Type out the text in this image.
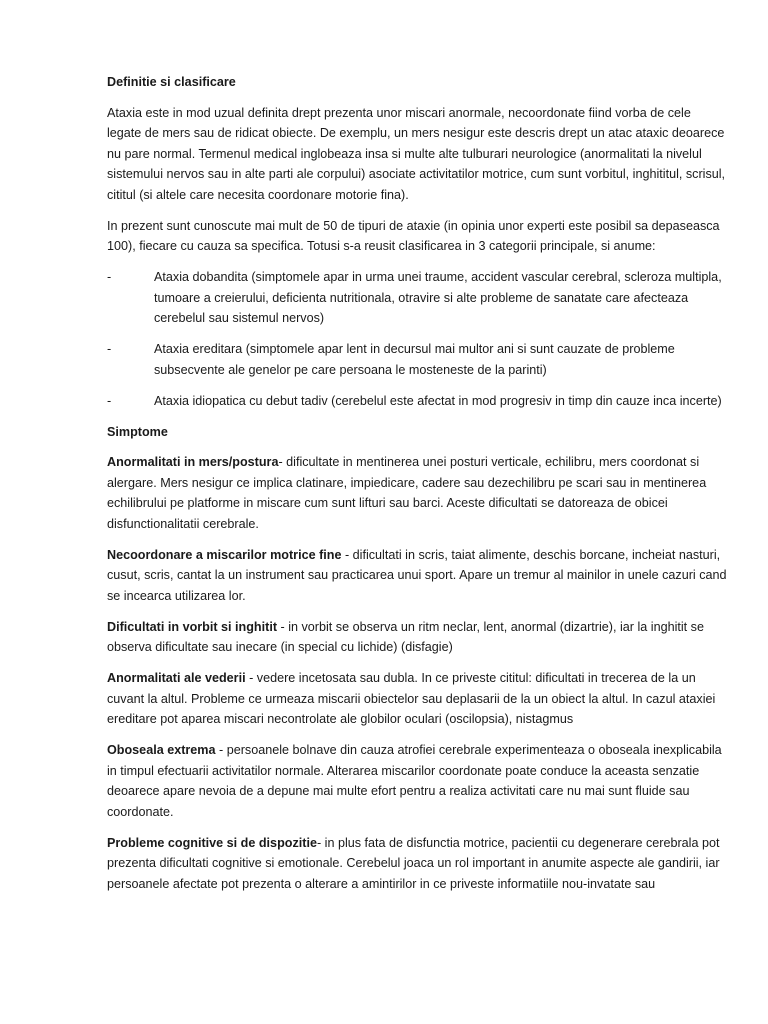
Definitie si clasificare

Ataxia este in mod uzual definita drept prezenta unor miscari anormale, necoordonate fiind vorba de cele legate de mers sau de ridicat obiecte. De exemplu, un mers nesigur este descris drept un atac ataxic deoarece nu pare normal. Termenul medical inglobeaza insa si multe alte tulburari neurologice (anormalitati la nivelul sistemului nervos sau in alte parti ale corpului) asociate activitatilor motrice, cum sunt vorbitul, inghititul, scrisul, cititul (si altele care necesita coordonare motorie fina).

In prezent sunt cunoscute mai mult de 50 de tipuri de ataxie (in opinia unor experti este posibil sa depaseasca 100), fiecare cu cauza sa specifica. Totusi s-a reusit clasificarea in 3 categorii principale, si anume:

-	Ataxia dobandita (simptomele apar in urma unei traume, accident vascular cerebral, scleroza multipla, tumoare a creierului, deficienta nutritionala, otravire si alte probleme de sanatate care afecteaza cerebelul sau sistemul nervos)
-	Ataxia ereditara (simptomele apar lent in decursul mai multor ani si sunt cauzate de probleme subsecvente ale genelor pe care persoana le mosteneste de la parinti)
-	Ataxia idiopatica cu debut tadiv (cerebelul este afectat in mod progresiv in timp din cauze inca incerte)
Simptome

Anormalitati in mers/postura- dificultate in mentinerea unei posturi verticale, echilibru, mers coordonat si alergare. Mers nesigur ce implica clatinare, impiedicare, cadere sau dezechilibru pe scari sau in mentinerea echilibrului pe platforme in miscare cum sunt lifturi sau barci. Aceste dificultati se datoreaza de obicei disfunctionalitatii cerebrale.

Necoordonare a miscarilor motrice fine - dificultati in scris, taiat alimente, deschis borcane, incheiat nasturi, cusut, scris, cantat la un instrument sau practicarea unui sport. Apare un tremur al mainilor in unele cazuri cand se incearca utilizarea lor.

Dificultati in vorbit si inghitit - in vorbit se observa un ritm neclar, lent, anormal (dizartrie), iar la inghitit se observa dificultate sau inecare (in special cu lichide) (disfagie)

Anormalitati ale vederii - vedere incetosata sau dubla. In ce priveste cititul: dificultati in trecerea de la un cuvant la altul. Probleme ce urmeaza miscarii obiectelor sau deplasarii de la un obiect la altul. In cazul ataxiei ereditare pot aparea miscari necontrolate ale globilor oculari (oscilopsia), nistagmus

Oboseala extrema - persoanele bolnave din cauza atrofiei cerebrale experimenteaza o oboseala inexplicabila in timpul efectuarii activitatilor normale. Alterarea miscarilor coordonate poate conduce la aceasta senzatie deoarece apare nevoia de a depune mai multe efort pentru a realiza activitati care nu mai sunt fluide sau coordonate.

Probleme cognitive si de dispozitie- in plus fata de disfunctia motrice, pacientii cu degenerare cerebrala pot prezenta dificultati cognitive si emotionale. Cerebelul joaca un rol important in anumite aspecte ale gandirii, iar persoanele afectate pot prezenta o alterare a amintirilor in ce priveste informatiile nou-invatate sau
